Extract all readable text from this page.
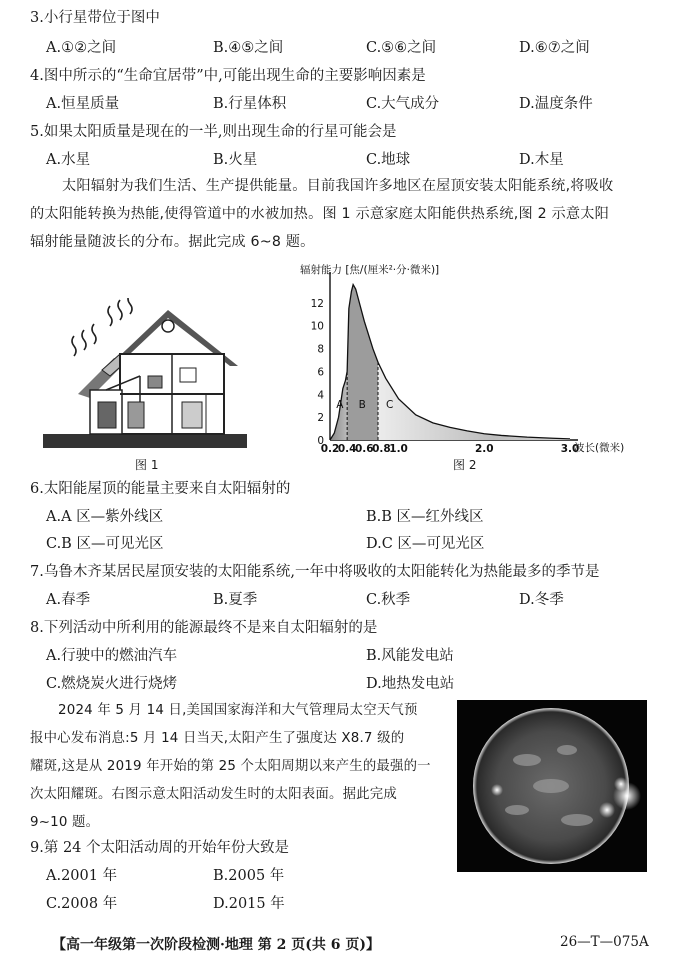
3.小行星带位于图中
A.①②之间	B.④⑤之间	C.⑤⑥之间	D.⑥⑦之间
4.图中所示的“生命宜居带”中,可能出现生命的主要影响因素是
A.恒星质量	B.行星体积	C.大气成分	D.温度条件
5.如果太阳质量是现在的一半,则出现生命的行星可能会是
A.水星	B.火星	C.地球	D.木星
太阳辐射为我们生活、生产提供能量。目前我国许多地区在屋顶安装太阳能系统,将吸收
的太阳能转换为热能,使得管道中的水被加热。图 1 示意家庭太阳能供热系统,图 2 示意太阳
辐射能量随波长的分布。据此完成 6~8 题。
图 1
辐射能力 [焦/(厘米²·分·微米)]
A B C
0
2
4
6
8
10
12
0.2
0.4
0.6
0.8
1.0	2.0	3.0
波长(微米)
图 2
6.太阳能屋顶的能量主要来自太阳辐射的
A.A 区—紫外线区	B.B 区—红外线区
C.B 区—可见光区	D.C 区—可见光区
7.乌鲁木齐某居民屋顶安装的太阳能系统,一年中将吸收的太阳能转化为热能最多的季节是
A.春季	B.夏季	C.秋季	D.冬季
8.下列活动中所利用的能源最终不是来自太阳辐射的是
A.行驶中的燃油汽车	B.风能发电站
C.燃烧炭火进行烧烤	D.地热发电站
2024 年 5 月 14 日,美国国家海洋和大气管理局太空天气预
报中心发布消息:5 月 14 日当天,太阳产生了强度达 X8.7 级的
耀斑,这是从 2019 年开始的第 25 个太阳周期以来产生的最强的一
次太阳耀斑。右图示意太阳活动发生时的太阳表面。据此完成
9~10 题。
9.第 24 个太阳活动周的开始年份大致是
A.2001 年	B.2005 年
C.2008 年	D.2015 年
【高一年级第一次阶段检测·地理 第 2 页(共 6 页)】	26—T—075A
